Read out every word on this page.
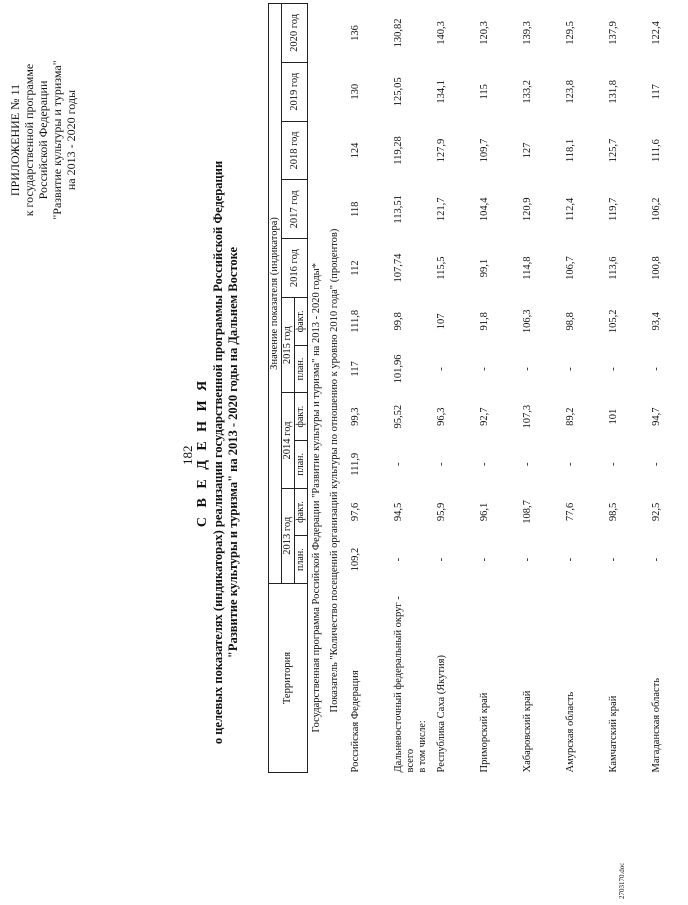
182
ПРИЛОЖЕНИЕ № 11 к государственной программе Российской Федерации "Развитие культуры и туризма" на 2013 - 2020 годы
С В Е Д Е Н И Я о целевых показателях (индикаторах) реализации государственной программы Российской Федерации "Развитие культуры и туризма" на 2013 - 2020 годы на Дальнем Востоке
Территория	Значение показателя (индикатора)										
	2013 год		2014 год		2015 год		2016 год	2017 год	2018 год	2019 год	2020 год
	план.	факт.	план.	факт.	план.	факт.					
Государственная программа Российской Федерации "Развитие культуры и туризма" на 2013 - 2020 годы*											
Показатель "Количество посещений организаций культуры по отношению к уровню 2010 года" (процентов)											

Российская Федерация	109,2	97,6	111,9	99,3	117	111,8	112	118	124	130	136

Дальневосточный федеральный округ - всего в том числе:	-	94,5	-	95,52	101,96	99,8	107,74	113,51	119,28	125,05	130,82

Республика Саха (Якутия)	-	95,9	-	96,3	-	107	115,5	121,7	127,9	134,1	140,3

Приморский край	-	96,1	-	92,7	-	91,8	99,1	104,4	109,7	115	120,3

Хабаровский край	-	108,7	-	107,3	-	106,3	114,8	120,9	127	133,2	139,3

Амурская область	-	77,6	-	89,2	-	98,8	106,7	112,4	118,1	123,8	129,5

Камчатский край	-	98,5	-	101	-	105,2	113,6	119,7	125,7	131,8	137,9

Магаданская область	-	92,5	-	94,7	-	93,4	100,8	106,2	111,6	117	122,4
2703170.doc
